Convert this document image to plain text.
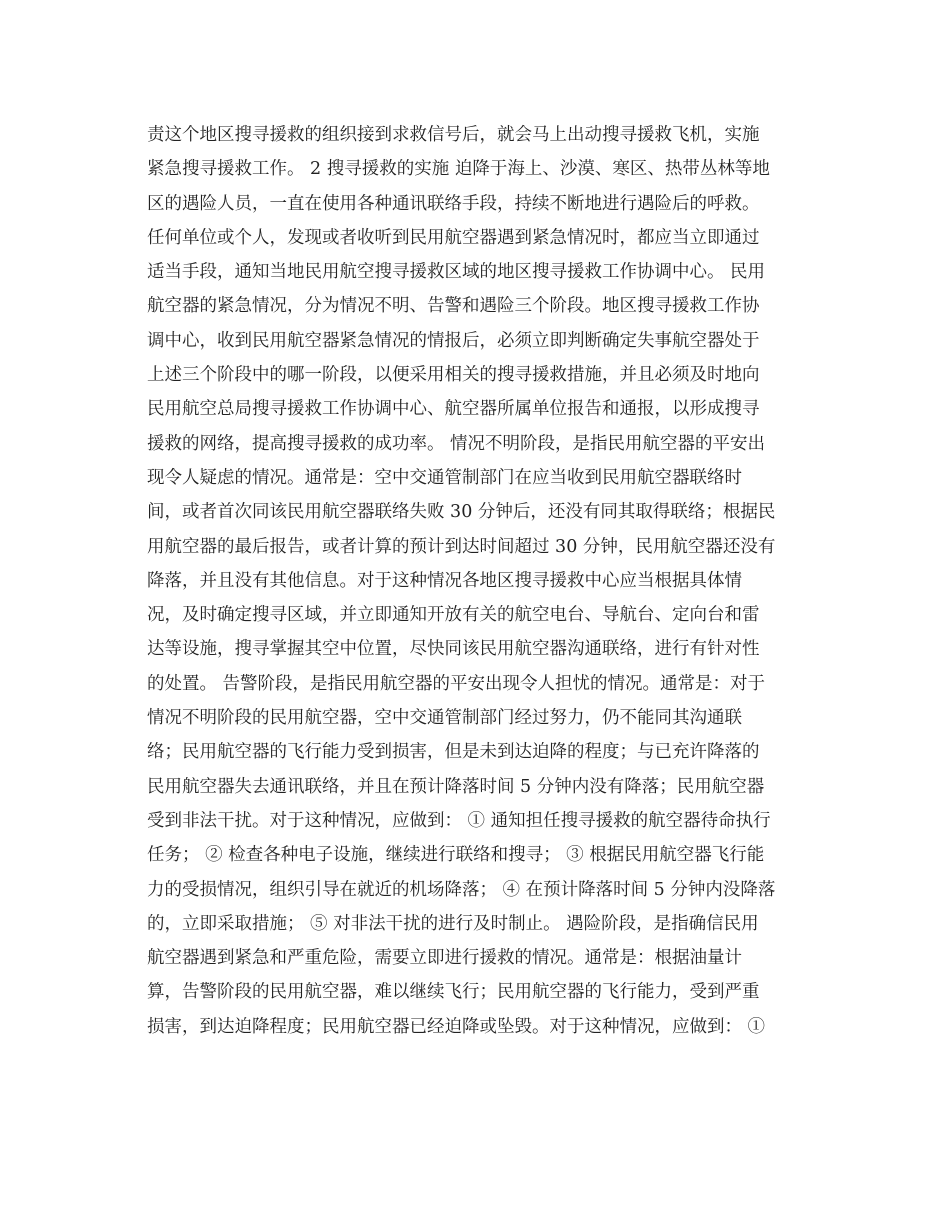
责这个地区搜寻援救的组织接到求救信号后，就会马上出动搜寻援救飞机，实施
紧急搜寻援救工作。 2 搜寻援救的实施 迫降于海上、沙漠、寒区、热带丛林等地
区的遇险人员，一直在使用各种通讯联络手段，持续不断地进行遇险后的呼救。
任何单位或个人，发现或者收听到民用航空器遇到紧急情况时，都应当立即通过
适当手段，通知当地民用航空搜寻援救区域的地区搜寻援救工作协调中心。 民用
航空器的紧急情况，分为情况不明、告警和遇险三个阶段。地区搜寻援救工作协
调中心，收到民用航空器紧急情况的情报后，必须立即判断确定失事航空器处于
上述三个阶段中的哪一阶段，以便采用相关的搜寻援救措施，并且必须及时地向
民用航空总局搜寻援救工作协调中心、航空器所属单位报告和通报，以形成搜寻
援救的网络，提高搜寻援救的成功率。 情况不明阶段，是指民用航空器的平安出
现令人疑虑的情况。通常是：空中交通管制部门在应当收到民用航空器联络时
间，或者首次同该民用航空器联络失败 30 分钟后，还没有同其取得联络；根据民
用航空器的最后报告，或者计算的预计到达时间超过 30 分钟，民用航空器还没有
降落，并且没有其他信息。对于这种情况各地区搜寻援救中心应当根据具体情
况，及时确定搜寻区域，并立即通知开放有关的航空电台、导航台、定向台和雷
达等设施，搜寻掌握其空中位置，尽快同该民用航空器沟通联络，进行有针对性
的处置。 告警阶段，是指民用航空器的平安出现令人担忧的情况。通常是：对于
情况不明阶段的民用航空器，空中交通管制部门经过努力，仍不能同其沟通联
络；民用航空器的飞行能力受到损害，但是未到达迫降的程度；与已充许降落的
民用航空器失去通讯联络，并且在预计降落时间 5 分钟内没有降落；民用航空器
受到非法干扰。对于这种情况，应做到： ① 通知担任搜寻援救的航空器待命执行
任务； ② 检查各种电子设施，继续进行联络和搜寻； ③ 根据民用航空器飞行能
力的受损情况，组织引导在就近的机场降落； ④ 在预计降落时间 5 分钟内没降落
的，立即采取措施； ⑤ 对非法干扰的进行及时制止。 遇险阶段，是指确信民用
航空器遇到紧急和严重危险，需要立即进行援救的情况。通常是：根据油量计
算，告警阶段的民用航空器，难以继续飞行；民用航空器的飞行能力，受到严重
损害，到达迫降程度；民用航空器已经迫降或坠毁。对于这种情况，应做到： ①
